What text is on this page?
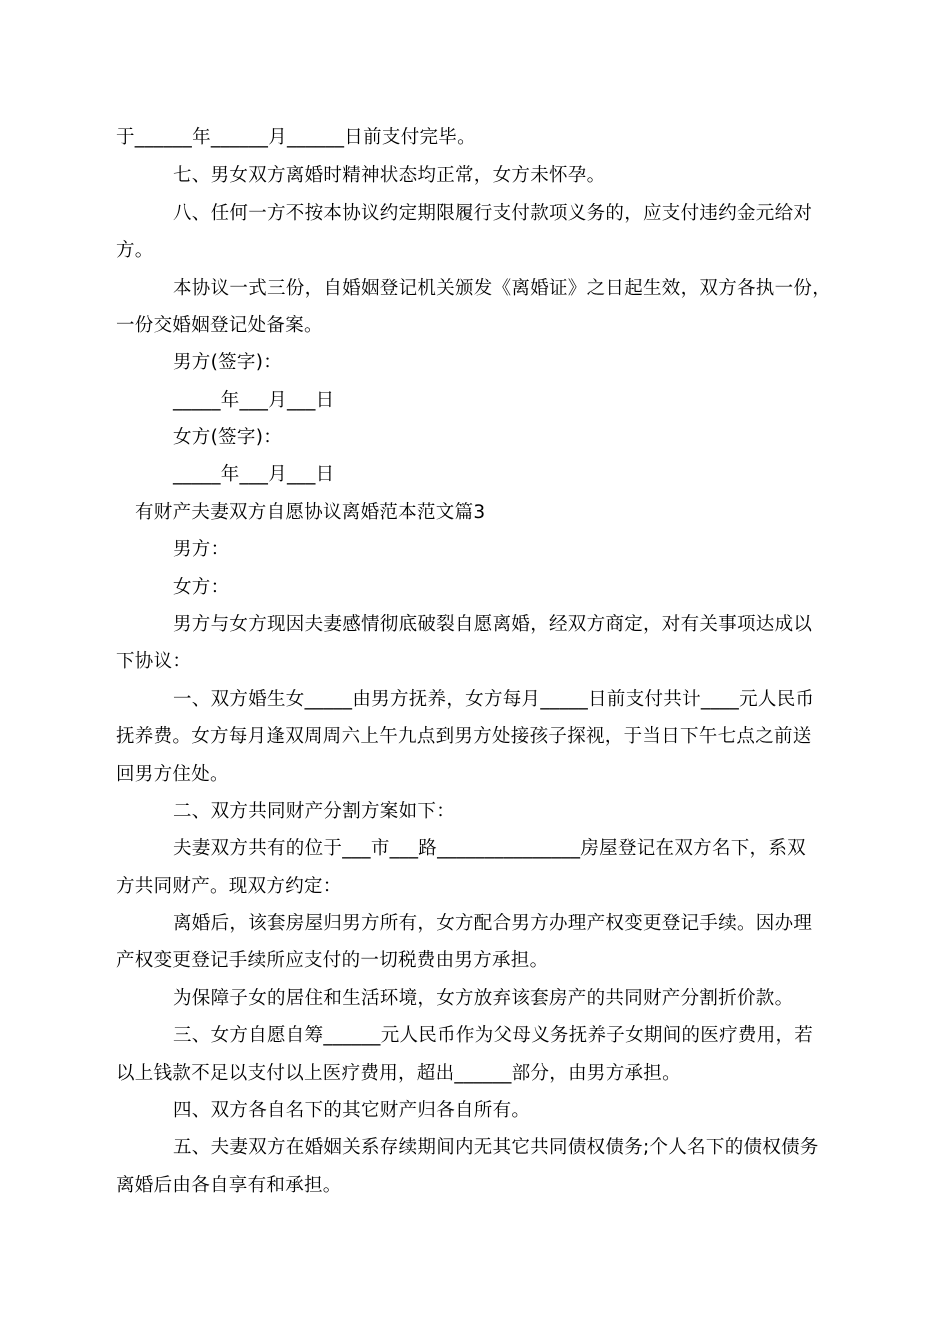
于______年______月______日前支付完毕。
七、男女双方离婚时精神状态均正常，女方未怀孕。
八、任何一方不按本协议约定期限履行支付款项义务的，应支付违约金元给对
方。
本协议一式三份，自婚姻登记机关颁发《离婚证》之日起生效，双方各执一份，
一份交婚姻登记处备案。
男方(签字)：
_____年___月___日
女方(签字)：
_____年___月___日
有财产夫妻双方自愿协议离婚范本范文篇3
男方：
女方：
男方与女方现因夫妻感情彻底破裂自愿离婚，经双方商定，对有关事项达成以
下协议：
一、双方婚生女_____由男方抚养，女方每月_____日前支付共计____元人民币
抚养费。女方每月逢双周周六上午九点到男方处接孩子探视，于当日下午七点之前送
回男方住处。
二、双方共同财产分割方案如下：
夫妻双方共有的位于___市___路_______________房屋登记在双方名下，系双
方共同财产。现双方约定：
离婚后，该套房屋归男方所有，女方配合男方办理产权变更登记手续。因办理
产权变更登记手续所应支付的一切税费由男方承担。
为保障子女的居住和生活环境，女方放弃该套房产的共同财产分割折价款。
三、女方自愿自筹______元人民币作为父母义务抚养子女期间的医疗费用，若
以上钱款不足以支付以上医疗费用，超出______部分，由男方承担。
四、双方各自名下的其它财产归各自所有。
五、夫妻双方在婚姻关系存续期间内无其它共同债权债务;个人名下的债权债务
离婚后由各自享有和承担。
